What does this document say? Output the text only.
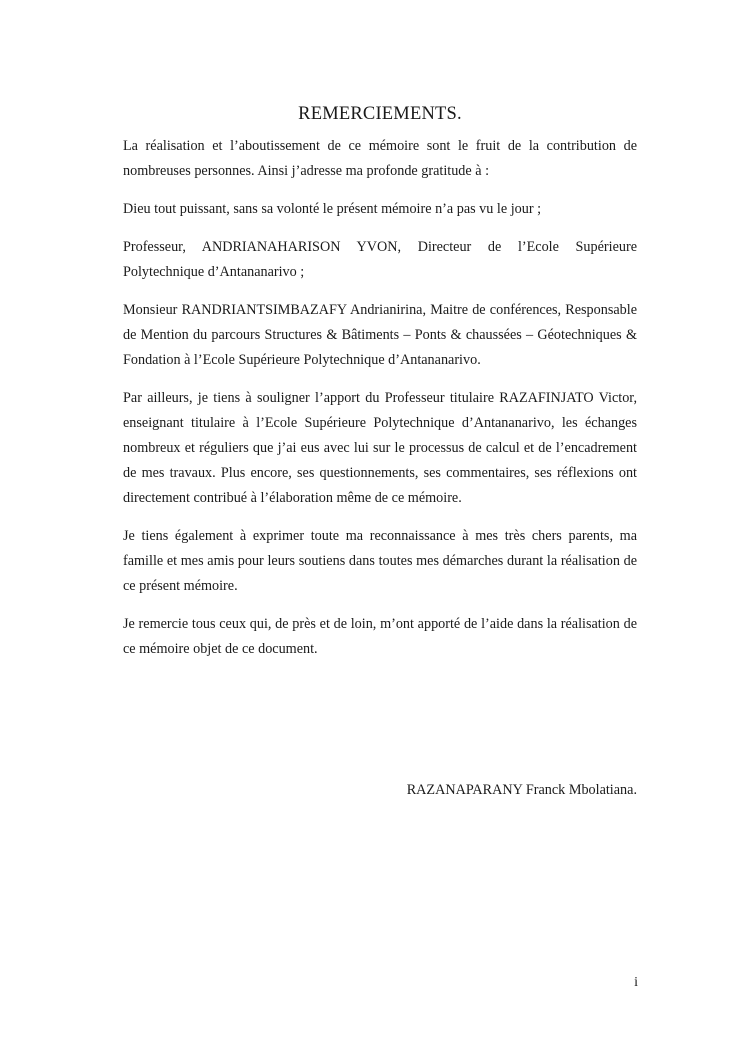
REMERCIEMENTS.

La réalisation et l’aboutissement de ce mémoire sont le fruit de la contribution de nombreuses personnes. Ainsi j’adresse ma profonde gratitude à :

Dieu tout puissant, sans sa volonté le présent mémoire n’a pas vu le jour ;

Professeur, ANDRIANAHARISON YVON, Directeur de l’Ecole Supérieure Polytechnique d’Antananarivo ;

Monsieur RANDRIANTSIMBAZAFY Andrianirina, Maitre de conférences, Responsable de Mention du parcours Structures & Bâtiments – Ponts & chaussées – Géotechniques & Fondation à l’Ecole Supérieure Polytechnique d’Antananarivo.

Par ailleurs, je tiens à souligner l’apport du Professeur titulaire RAZAFINJATO Victor, enseignant titulaire à l’Ecole Supérieure Polytechnique d’Antananarivo, les échanges nombreux et réguliers que j’ai eus avec lui sur le processus de calcul et de l’encadrement de mes travaux. Plus encore, ses questionnements, ses commentaires, ses réflexions ont directement contribué à l’élaboration même de ce mémoire.

Je tiens également à exprimer toute ma reconnaissance à mes très chers parents, ma famille et mes amis pour leurs soutiens dans toutes mes démarches durant la réalisation de ce présent mémoire.

Je remercie tous ceux qui, de près et de loin, m’ont apporté de l’aide dans la réalisation de ce mémoire objet de ce document.

RAZANAPARANY Franck Mbolatiana.

i
